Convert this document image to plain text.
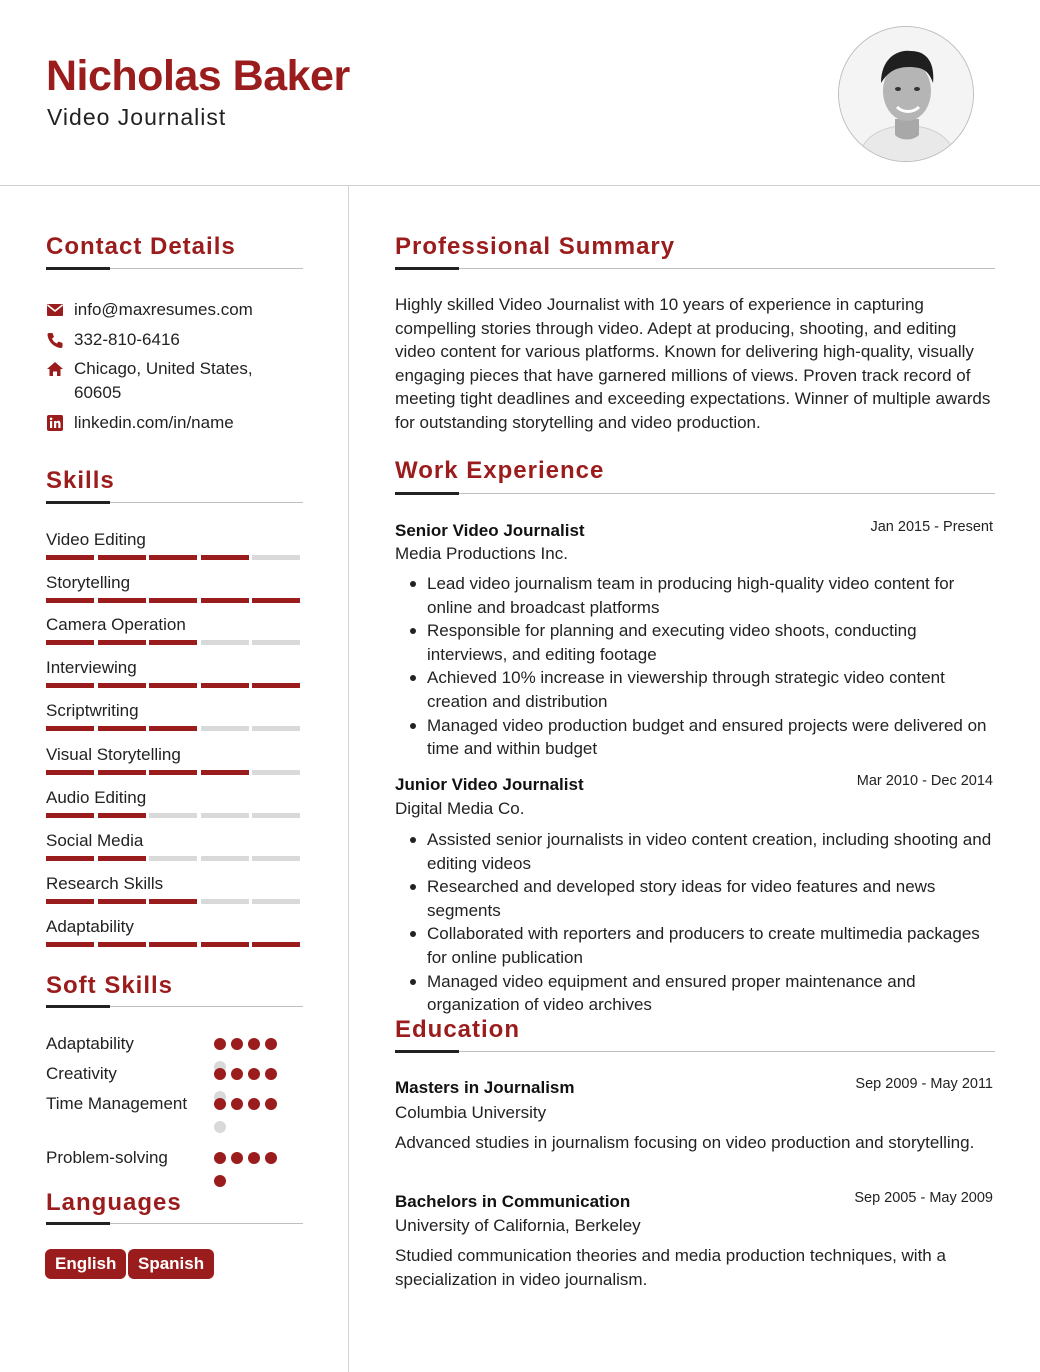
Nicholas Baker
Video Journalist
Contact Details
info@maxresumes.com
332-810-6416
Chicago, United States, 60605
linkedin.com/in/name
Skills
Video Editing
Storytelling
Camera Operation
Interviewing
Scriptwriting
Visual Storytelling
Audio Editing
Social Media
Research Skills
Adaptability
Soft Skills
Adaptability
Creativity
Time Management
Problem-solving
Languages
English	Spanish
Professional Summary
Highly skilled Video Journalist with 10 years of experience in capturing compelling stories through video. Adept at producing, shooting, and editing video content for various platforms. Known for delivering high-quality, visually engaging pieces that have garnered millions of views. Proven track record of meeting tight deadlines and exceeding expectations. Winner of multiple awards for outstanding storytelling and video production.
Work Experience
Senior Video Journalist	Jan 2015 - Present
Media Productions Inc.
Lead video journalism team in producing high-quality video content for online and broadcast platforms
Responsible for planning and executing video shoots, conducting interviews, and editing footage
Achieved 10% increase in viewership through strategic video content creation and distribution
Managed video production budget and ensured projects were delivered on time and within budget
Junior Video Journalist	Mar 2010 - Dec 2014
Digital Media Co.
Assisted senior journalists in video content creation, including shooting and editing videos
Researched and developed story ideas for video features and news segments
Collaborated with reporters and producers to create multimedia packages for online publication
Managed video equipment and ensured proper maintenance and organization of video archives
Education
Masters in Journalism	Sep 2009 - May 2011
Columbia University
Advanced studies in journalism focusing on video production and storytelling.
Bachelors in Communication	Sep 2005 - May 2009
University of California, Berkeley
Studied communication theories and media production techniques, with a specialization in video journalism.
